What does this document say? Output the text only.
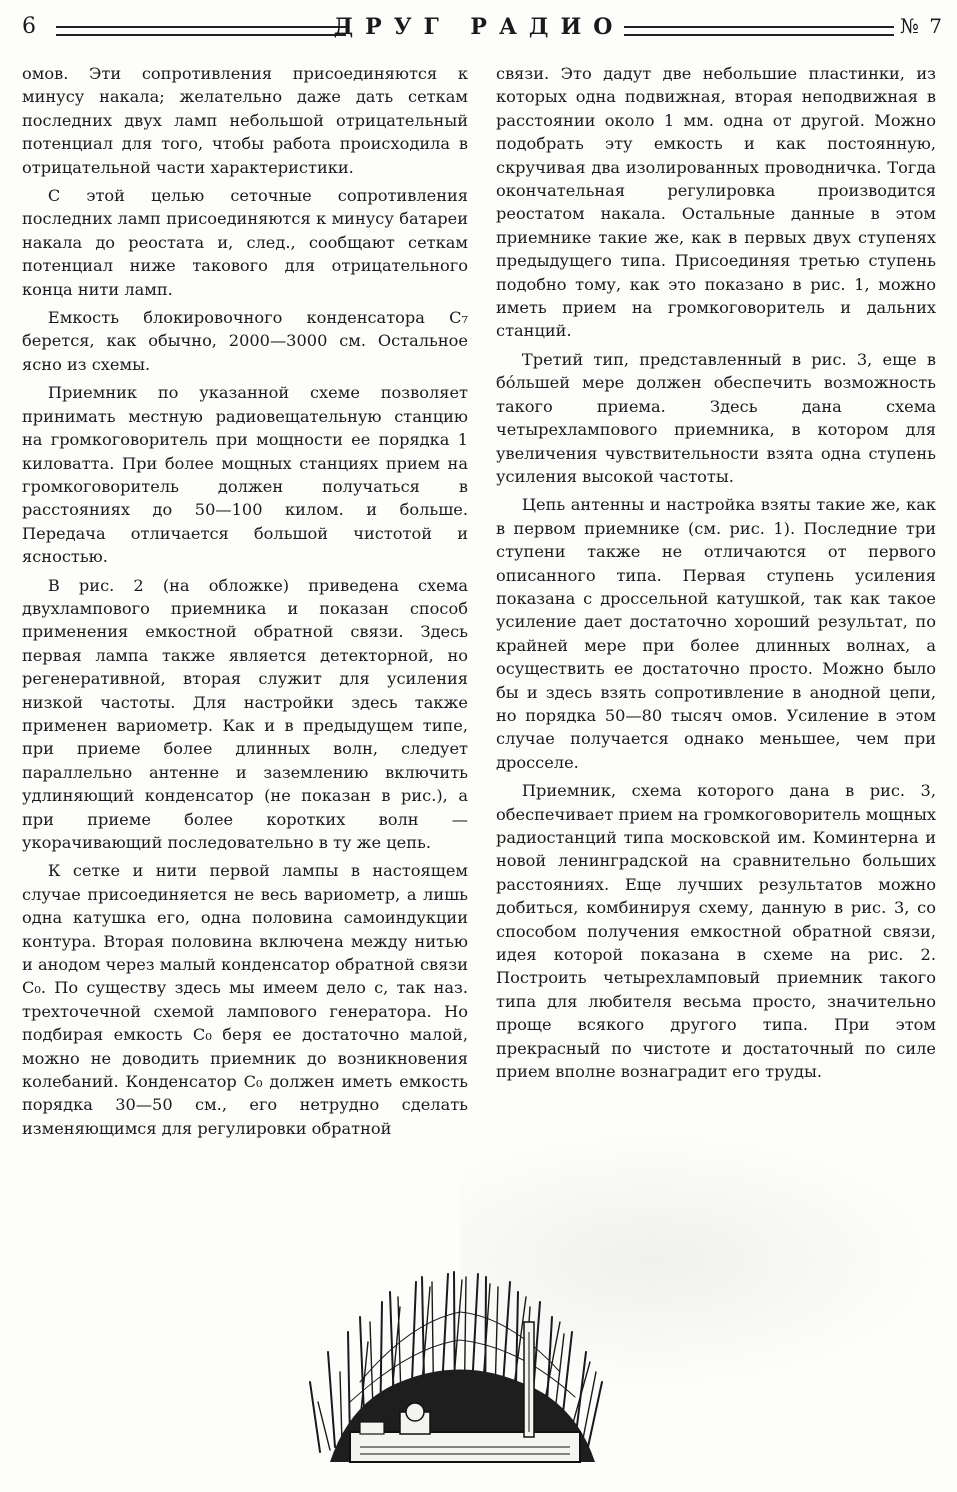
6	ДРУГ РАДИО	№ 7

омов. Эти сопротивления присоединяются к минусу накала; желательно даже дать сеткам последних двух ламп небольшой отрицательный потенциал для того, чтобы работа происходила в отрицательной части характеристики.

С этой целью сеточные сопротивления последних ламп присоединяются к минусу батареи накала до реостата и, след., сообщают сеткам потенциал ниже такового для отрицательного конца нити ламп.

Емкость блокировочного конденсатора C₇ берется, как обычно, 2000—3000 см. Остальное ясно из схемы.

Приемник по указанной схеме позволяет принимать местную радиовещательную станцию на громкоговоритель при мощности ее порядка 1 киловатта. При более мощных станциях прием на громкоговоритель должен получаться в расстояниях до 50—100 килом. и больше. Передача отличается большой чистотой и ясностью.

В рис. 2 (на обложке) приведена схема двухлампового приемника и показан способ применения емкостной обратной связи. Здесь первая лампа также является детекторной, но регенеративной, вторая служит для усиления низкой частоты. Для настройки здесь также применен вариометр. Как и в предыдущем типе, при приеме более длинных волн, следует параллельно антенне и заземлению включить удлиняющий конденсатор (не показан в рис.), а при приеме более коротких волн — укорачивающий последовательно в ту же цепь.

К сетке и нити первой лампы в настоящем случае присоединяется не весь вариометр, а лишь одна катушка его, одна половина самоиндукции контура. Вторая половина включена между нитью и анодом через малый конденсатор обратной связи C₀. По существу здесь мы имеем дело с, так наз. трехточечной схемой лампового генератора. Но подбирая емкость C₀ беря ее достаточно малой, можно не доводить приемник до возникновения колебаний. Конденсатор C₀ должен иметь емкость порядка 30—50 см., его нетрудно сделать изменяющимся для регулировки обратной

связи. Это дадут две небольшие пластинки, из которых одна подвижная, вторая неподвижная в расстоянии около 1 мм. одна от другой. Можно подобрать эту емкость и как постоянную, скручивая два изолированных проводничка. Тогда окончательная регулировка производится реостатом накала. Остальные данные в этом приемнике такие же, как в первых двух ступенях предыдущего типа. Присоединяя третью ступень подобно тому, как это показано в рис. 1, можно иметь прием на громкоговоритель и дальних станций.

Третий тип, представленный в рис. 3, еще в бо́льшей мере должен обеспечить возможность такого приема. Здесь дана схема четырехлампового приемника, в котором для увеличения чувствительности взята одна ступень усиления высокой частоты.

Цепь антенны и настройка взяты такие же, как в первом приемнике (см. рис. 1). Последние три ступени также не отличаются от первого описанного типа. Первая ступень усиления показана с дроссельной катушкой, так как такое усиление дает достаточно хороший результат, по крайней мере при более длинных волнах, а осуществить ее достаточно просто. Можно было бы и здесь взять сопротивление в анодной цепи, но порядка 50—80 тысяч омов. Усиление в этом случае получается однако меньшее, чем при дросселе.

Приемник, схема которого дана в рис. 3, обеспечивает прием на громкоговоритель мощных радиостанций типа московской им. Коминтерна и новой ленинградской на сравнительно больших расстояниях. Еще лучших результатов можно добиться, комбинируя схему, данную в рис. 3, со способом получения емкостной обратной связи, идея которой показана в схеме на рис. 2. Построить четырехламповый приемник такого типа для любителя весьма просто, значительно проще всякого другого типа. При этом прекрасный по чистоте и достаточный по силе прием вполне вознаградит его труды.
